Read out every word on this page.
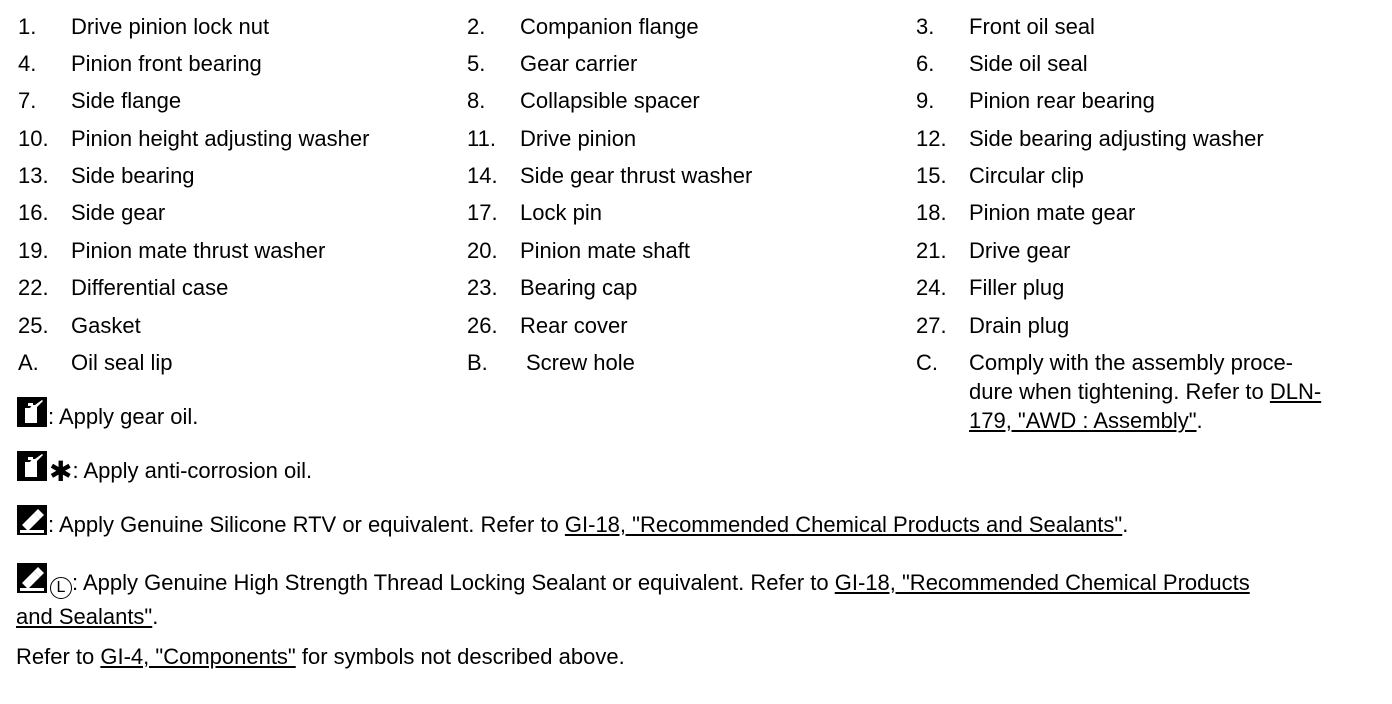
1.	Drive pinion lock nut	2.	Companion flange	3.	Front oil seal
4.	Pinion front bearing	5.	Gear carrier	6.	Side oil seal
7.	Side flange	8.	Collapsible spacer	9.	Pinion rear bearing
10.	Pinion height adjusting washer	11.	Drive pinion	12.	Side bearing adjusting washer
13.	Side bearing	14.	Side gear thrust washer	15.	Circular clip
16.	Side gear	17.	Lock pin	18.	Pinion mate gear
19.	Pinion mate thrust washer	20.	Pinion mate shaft	21.	Drive gear
22.	Differential case	23.	Bearing cap	24.	Filler plug
25.	Gasket	26.	Rear cover	27.	Drain plug
A.	Oil seal lip	B.	Screw hole	C.	Comply with the assembly proce-
dure when tightening. Refer to DLN-
179, "AWD : Assembly".
: Apply gear oil.
✱: Apply anti-corrosion oil.
: Apply Genuine Silicone RTV or equivalent. Refer to GI-18, "Recommended Chemical Products and Sealants".
L : Apply Genuine High Strength Thread Locking Sealant or equivalent. Refer to GI-18, "Recommended Chemical Products
and Sealants".
Refer to GI-4, "Components" for symbols not described above.
